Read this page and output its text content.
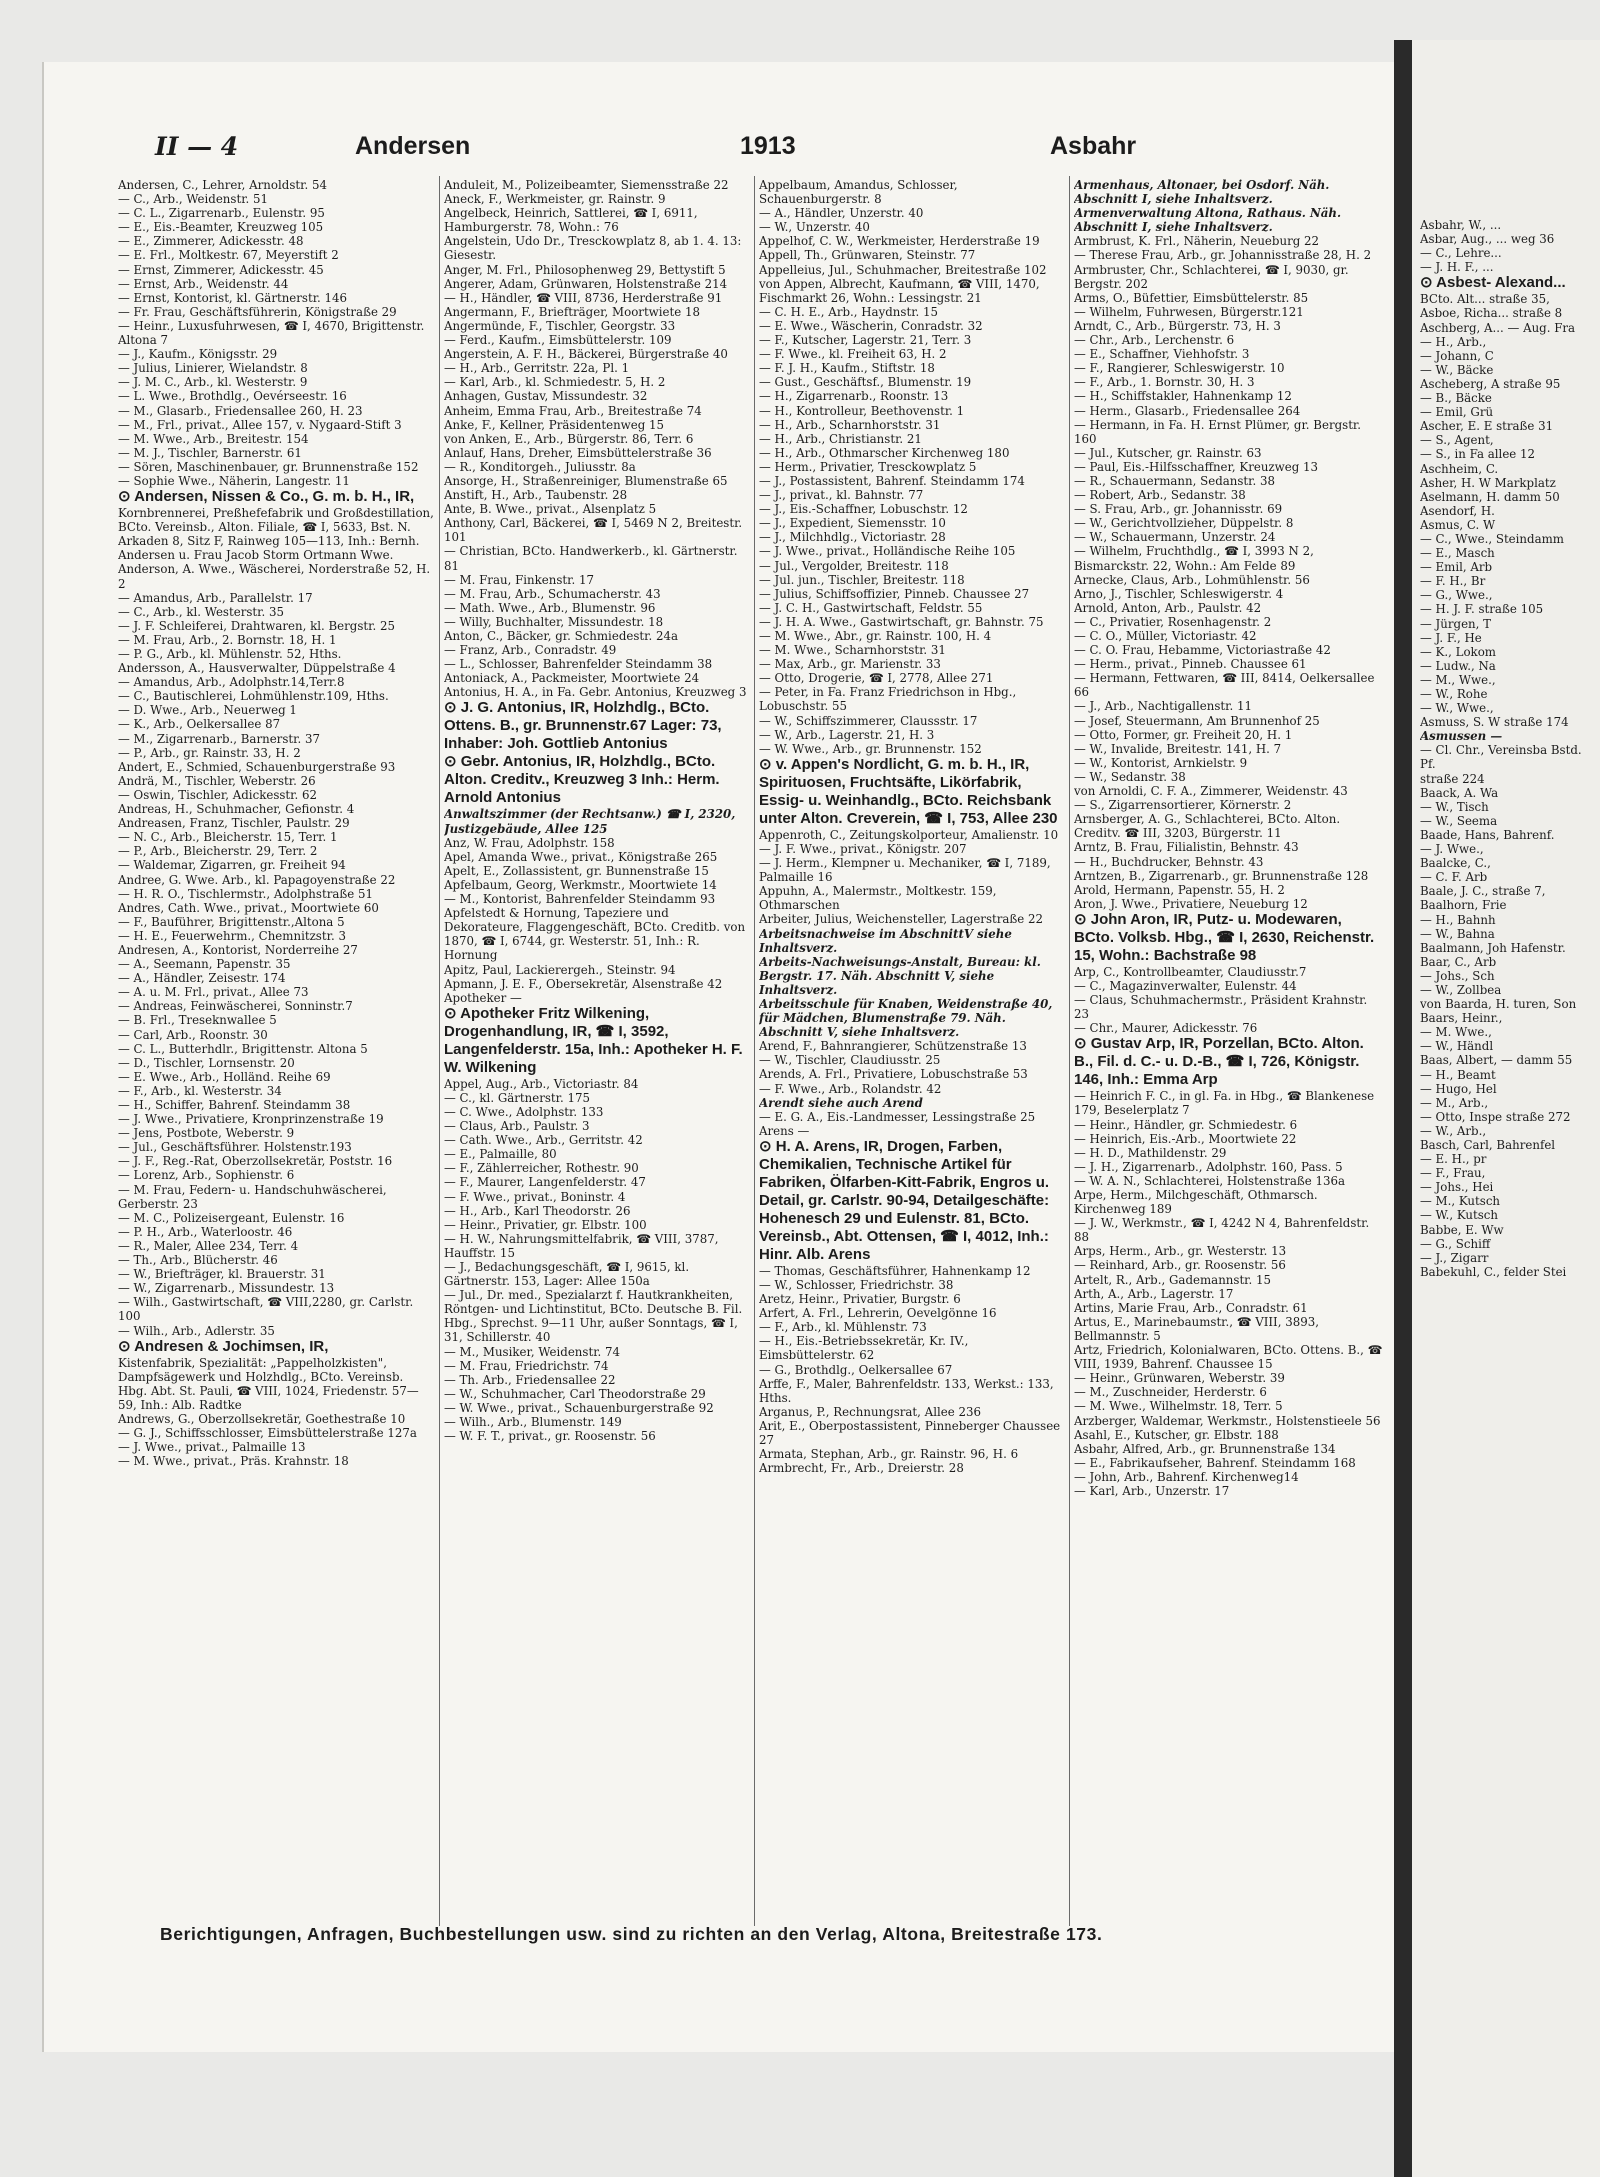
II — 4	Andersen	1913	Asbahr
Andersen, C., Lehrer, Arnoldstr. 54
— C., Arb., Weidenstr. 51
— C. L., Zigarrenarb., Eulenstr. 95
— E., Eis.-Beamter, Kreuzweg 105
— E., Zimmerer, Adickesstr. 48
— E. Frl., Moltkestr. 67, Meyerstift 2
— Ernst, Zimmerer, Adickesstr. 45
— Ernst, Arb., Weidenstr. 44
— Ernst, Kontorist, kl. Gärtnerstr. 146
— Fr. Frau, Geschäftsführerin, Königstraße 29
— Heinr., Luxusfuhrwesen, ☎ I, 4670, Brigittenstr. Altona 7
— J., Kaufm., Königsstr. 29
— Julius, Linierer, Wielandstr. 8
— J. M. C., Arb., kl. Westerstr. 9
— L. Wwe., Brothdlg., Oevérseestr. 16
— M., Glasarb., Friedensallee 260, H. 23
— M., Frl., privat., Allee 157, v. Nygaard-Stift 3
— M. Wwe., Arb., Breitestr. 154
— M. J., Tischler, Barnerstr. 61
— Sören, Maschinenbauer, gr. Brunnenstraße 152
— Sophie Wwe., Näherin, Langestr. 11
⊙ Andersen, Nissen & Co., G. m. b. H., IR,
Kornbrennerei, Preßhefefabrik und Großdestillation, BCto. Vereinsb., Alton. Filiale, ☎ I, 5633, Bst. N. Arkaden 8, Sitz F, Rainweg 105—113, Inh.: Bernh. Andersen u. Frau Jacob Storm Ortmann Wwe.
Anderson, A. Wwe., Wäscherei, Norderstraße 52, H. 2
— Amandus, Arb., Parallelstr. 17
— C., Arb., kl. Westerstr. 35
— J. F. Schleiferei, Drahtwaren, kl. Bergstr. 25
— M. Frau, Arb., 2. Bornstr. 18, H. 1
— P. G., Arb., kl. Mühlenstr. 52, Hths.
Andersson, A., Hausverwalter, Düppelstraße 4
— Amandus, Arb., Adolphstr.14,Terr.8
— C., Bautischlerei, Lohmühlenstr.109, Hths.
— D. Wwe., Arb., Neuerweg 1
— K., Arb., Oelkersallee 87
— M., Zigarrenarb., Barnerstr. 37
— P., Arb., gr. Rainstr. 33, H. 2
Andert, E., Schmied, Schauenburgerstraße 93
Andrä, M., Tischler, Weberstr. 26
— Oswin, Tischler, Adickesstr. 62
Andreas, H., Schuhmacher, Gefionstr. 4
Andreasen, Franz, Tischler, Paulstr. 29
— N. C., Arb., Bleicherstr. 15, Terr. 1
— P., Arb., Bleicherstr. 29, Terr. 2
— Waldemar, Zigarren, gr. Freiheit 94
Andree, G. Wwe. Arb., kl. Papagoyenstraße 22
— H. R. O., Tischlermstr., Adolphstraße 51
Andres, Cath. Wwe., privat., Moortwiete 60
— F., Bauführer, Brigittenstr.,Altona 5
— H. E., Feuerwehrm., Chemnitzstr. 3
Andresen, A., Kontorist, Norderreihe 27
— A., Seemann, Papenstr. 35
— A., Händler, Zeisestr. 174
— A. u. M. Frl., privat., Allee 73
— Andreas, Feinwäscherei, Sonninstr.7
— B. Frl., Treseknwallee 5
— Carl, Arb., Roonstr. 30
— C. L., Butterhdlr., Brigittenstr. Altona 5
— D., Tischler, Lornsenstr. 20
— E. Wwe., Arb., Holländ. Reihe 69
— F., Arb., kl. Westerstr. 34
— H., Schiffer, Bahrenf. Steindamm 38
— J. Wwe., Privatiere, Kronprinzenstraße 19
— Jens, Postbote, Weberstr. 9
— Jul., Geschäftsführer. Holstenstr.193
— J. F., Reg.-Rat, Oberzollsekretär, Poststr. 16
— Lorenz, Arb., Sophienstr. 6
— M. Frau, Federn- u. Handschuhwäscherei, Gerberstr. 23
— M. C., Polizeisergeant, Eulenstr. 16
— P. H., Arb., Waterloostr. 46
— R., Maler, Allee 234, Terr. 4
— Th., Arb., Blücherstr. 46
— W., Briefträger, kl. Brauerstr. 31
— W., Zigarrenarb., Missundestr. 13
— Wilh., Gastwirtschaft, ☎ VIII,2280, gr. Carlstr. 100
— Wilh., Arb., Adlerstr. 35
⊙ Andresen & Jochimsen, IR,
Kistenfabrik, Spezialität: „Pappelholzkisten", Dampfsägewerk und Holzhdlg., BCto. Vereinsb. Hbg. Abt. St. Pauli, ☎ VIII, 1024, Friedenstr. 57—59, Inh.: Alb. Radtke
Andrews, G., Oberzollsekretär, Goethestraße 10
— G. J., Schiffsschlosser, Eimsbüttelerstraße 127a
— J. Wwe., privat., Palmaille 13
— M. Wwe., privat., Präs. Krahnstr. 18
Anduleit, M., Polizeibeamter, Siemensstraße 22
Aneck, F., Werkmeister, gr. Rainstr. 9
Angelbeck, Heinrich, Sattlerei, ☎ I, 6911, Hamburgerstr. 78, Wohn.: 76
Angelstein, Udo Dr., Tresckowplatz 8, ab 1. 4. 13: Giesestr.
Anger, M. Frl., Philosophenweg 29, Bettystift 5
Angerer, Adam, Grünwaren, Holstenstraße 214
— H., Händler, ☎ VIII, 8736, Herderstraße 91
Angermann, F., Briefträger, Moortwiete 18
Angermünde, F., Tischler, Georgstr. 33
— Ferd., Kaufm., Eimsbüttelerstr. 109
Angerstein, A. F. H., Bäckerei, Bürgerstraße 40
— H., Arb., Gerritstr. 22a, Pl. 1
— Karl, Arb., kl. Schmiedestr. 5, H. 2
Anhagen, Gustav, Missundestr. 32
Anheim, Emma Frau, Arb., Breitestraße 74
Anke, F., Kellner, Präsidentenweg 15
von Anken, E., Arb., Bürgerstr. 86, Terr. 6
Anlauf, Hans, Dreher, Eimsbüttelerstraße 36
— R., Konditorgeh., Juliusstr. 8a
Ansorge, H., Straßenreiniger, Blumenstraße 65
Anstift, H., Arb., Taubenstr. 28
Ante, B. Wwe., privat., Alsenplatz 5
Anthony, Carl, Bäckerei, ☎ I, 5469 N 2, Breitestr. 101
— Christian, BCto. Handwerkerb., kl. Gärtnerstr. 81
— M. Frau, Finkenstr. 17
— M. Frau, Arb., Schumacherstr. 43
— Math. Wwe., Arb., Blumenstr. 96
— Willy, Buchhalter, Missundestr. 18
Anton, C., Bäcker, gr. Schmiedestr. 24a
— Franz, Arb., Conradstr. 49
— L., Schlosser, Bahrenfelder Steindamm 38
Antoniack, A., Packmeister, Moortwiete 24
Antonius, H. A., in Fa. Gebr. Antonius, Kreuzweg 3
⊙ J. G. Antonius, IR, Holzhdlg., BCto. Ottens. B., gr. Brunnenstr.67 Lager: 73, Inhaber: Joh. Gottlieb Antonius
⊙ Gebr. Antonius, IR, Holzhdlg., BCto. Alton. Creditv., Kreuzweg 3 Inh.: Herm. Arnold Antonius
Anwaltszimmer (der Rechtsanw.) ☎ I, 2320, Justizgebäude, Allee 125
Anz, W. Frau, Adolphstr. 158
Apel, Amanda Wwe., privat., Königstraße 265
Apelt, E., Zollassistent, gr. Bunnenstraße 15
Apfelbaum, Georg, Werkmstr., Moortwiete 14
— M., Kontorist, Bahrenfelder Steindamm 93
Apfelstedt & Hornung, Tapeziere und Dekorateure, Flaggengeschäft, BCto. Creditb. von 1870, ☎ I, 6744, gr. Westerstr. 51, Inh.: R. Hornung
Apitz, Paul, Lackierergeh., Steinstr. 94
Apmann, J. E. F., Obersekretär, Alsenstraße 42
Apotheker —
⊙ Apotheker Fritz Wilkening, Drogenhandlung, IR, ☎ I, 3592, Langenfelderstr. 15a, Inh.: Apotheker H. F. W. Wilkening
Appel, Aug., Arb., Victoriastr. 84
— C., kl. Gärtnerstr. 175
— C. Wwe., Adolphstr. 133
— Claus, Arb., Paulstr. 3
— Cath. Wwe., Arb., Gerritstr. 42
— E., Palmaille, 80
— F., Zählerreicher, Rothestr. 90
— F., Maurer, Langenfelderstr. 47
— F. Wwe., privat., Boninstr. 4
— H., Arb., Karl Theodorstr. 26
— Heinr., Privatier, gr. Elbstr. 100
— H. W., Nahrungsmittelfabrik, ☎ VIII, 3787, Hauffstr. 15
— J., Bedachungsgeschäft, ☎ I, 9615, kl. Gärtnerstr. 153, Lager: Allee 150a
— Jul., Dr. med., Spezialarzt f. Hautkrankheiten, Röntgen- und Lichtinstitut, BCto. Deutsche B. Fil. Hbg., Sprechst. 9—11 Uhr, außer Sonntags, ☎ I, 31, Schillerstr. 40
— M., Musiker, Weidenstr. 74
— M. Frau, Friedrichstr. 74
— Th. Arb., Friedensallee 22
— W., Schuhmacher, Carl Theodorstraße 29
— W. Wwe., privat., Schauenburgerstraße 92
— Wilh., Arb., Blumenstr. 149
— W. F. T., privat., gr. Roosenstr. 56
Appelbaum, Amandus, Schlosser, Schauenburgerstr. 8
— A., Händler, Unzerstr. 40
— W., Unzerstr. 40
Appelhof, C. W., Werkmeister, Herderstraße 19
Appell, Th., Grünwaren, Steinstr. 77
Appelleius, Jul., Schuhmacher, Breitestraße 102
von Appen, Albrecht, Kaufmann, ☎ VIII, 1470, Fischmarkt 26, Wohn.: Lessingstr. 21
— C. H. E., Arb., Haydnstr. 15
— E. Wwe., Wäscherin, Conradstr. 32
— F., Kutscher, Lagerstr. 21, Terr. 3
— F. Wwe., kl. Freiheit 63, H. 2
— F. J. H., Kaufm., Stiftstr. 18
— Gust., Geschäftsf., Blumenstr. 19
— H., Zigarrenarb., Roonstr. 13
— H., Kontrolleur, Beethovenstr. 1
— H., Arb., Scharnhorststr. 31
— H., Arb., Christianstr. 21
— H., Arb., Othmarscher Kirchenweg 180
— Herm., Privatier, Tresckowplatz 5
— J., Postassistent, Bahrenf. Steindamm 174
— J., privat., kl. Bahnstr. 77
— J., Eis.-Schaffner, Lobuschstr. 12
— J., Expedient, Siemensstr. 10
— J., Milchhdlg., Victoriastr. 28
— J. Wwe., privat., Holländische Reihe 105
— Jul., Vergolder, Breitestr. 118
— Jul. jun., Tischler, Breitestr. 118
— Julius, Schiffsoffizier, Pinneb. Chaussee 27
— J. C. H., Gastwirtschaft, Feldstr. 55
— J. H. A. Wwe., Gastwirtschaft, gr. Bahnstr. 75
— M. Wwe., Abr., gr. Rainstr. 100, H. 4
— M. Wwe., Scharnhorststr. 31
— Max, Arb., gr. Marienstr. 33
— Otto, Drogerie, ☎ I, 2778, Allee 271
— Peter, in Fa. Franz Friedrichson in Hbg., Lobuschstr. 55
— W., Schiffszimmerer, Claussstr. 17
— W., Arb., Lagerstr. 21, H. 3
— W. Wwe., Arb., gr. Brunnenstr. 152
⊙ v. Appen's Nordlicht, G. m. b. H., IR, Spirituosen, Fruchtsäfte, Likörfabrik, Essig- u. Weinhandlg., BCto. Reichsbank unter Alton. Creverein, ☎ I, 753, Allee 230
Appenroth, C., Zeitungskolporteur, Amalienstr. 10
— J. F. Wwe., privat., Königstr. 207
— J. Herm., Klempner u. Mechaniker, ☎ I, 7189, Palmaille 16
Appuhn, A., Malermstr., Moltkestr. 159, Othmarschen
Arbeiter, Julius, Weichensteller, Lagerstraße 22
Arbeitsnachweise im AbschnittV siehe Inhaltsverz.
Arbeits-Nachweisungs-Anstalt, Bureau: kl. Bergstr. 17. Näh. Abschnitt V, siehe Inhaltsverz.
Arbeitsschule für Knaben, Weidenstraße 40, für Mädchen, Blumenstraße 79. Näh. Abschnitt V, siehe Inhaltsverz.
Arend, F., Bahnrangierer, Schützenstraße 13
— W., Tischler, Claudiusstr. 25
Arends, A. Frl., Privatiere, Lobuschstraße 53
— F. Wwe., Arb., Rolandstr. 42
Arendt siehe auch Arend
— E. G. A., Eis.-Landmesser, Lessingstraße 25
Arens —
⊙ H. A. Arens, IR, Drogen, Farben, Chemikalien, Technische Artikel für Fabriken, Ölfarben-Kitt-Fabrik, Engros u. Detail, gr. Carlstr. 90-94, Detailgeschäfte: Hohenesch 29 und Eulenstr. 81, BCto. Vereinsb., Abt. Ottensen, ☎ I, 4012, Inh.: Hinr. Alb. Arens
— Thomas, Geschäftsführer, Hahnenkamp 12
— W., Schlosser, Friedrichstr. 38
Aretz, Heinr., Privatier, Burgstr. 6
Arfert, A. Frl., Lehrerin, Oevelgönne 16
— F., Arb., kl. Mühlenstr. 73
— H., Eis.-Betriebssekretär, Kr. IV., Eimsbüttelerstr. 62
— G., Brothdlg., Oelkersallee 67
Arffe, F., Maler, Bahrenfeldstr. 133, Werkst.: 133, Hths.
Arganus, P., Rechnungsrat, Allee 236
Arit, E., Oberpostassistent, Pinneberger Chaussee 27
Armata, Stephan, Arb., gr. Rainstr. 96, H. 6
Armbrecht, Fr., Arb., Dreierstr. 28
Armenhaus, Altonaer, bei Osdorf. Näh. Abschnitt I, siehe Inhaltsverz.
Armenverwaltung Altona, Rathaus. Näh. Abschnitt I, siehe Inhaltsverz.
Armbrust, K. Frl., Näherin, Neueburg 22
— Therese Frau, Arb., gr. Johannisstraße 28, H. 2
Armbruster, Chr., Schlachterei, ☎ I, 9030, gr. Bergstr. 202
Arms, O., Büfettier, Eimsbüttelerstr. 85
— Wilhelm, Fuhrwesen, Bürgerstr.121
Arndt, C., Arb., Bürgerstr. 73, H. 3
— Chr., Arb., Lerchenstr. 6
— E., Schaffner, Viehhofstr. 3
— F., Rangierer, Schleswigerstr. 10
— F., Arb., 1. Bornstr. 30, H. 3
— H., Schiffstakler, Hahnenkamp 12
— Herm., Glasarb., Friedensallee 264
— Hermann, in Fa. H. Ernst Plümer, gr. Bergstr. 160
— Jul., Kutscher, gr. Rainstr. 63
— Paul, Eis.-Hilfsschaffner, Kreuzweg 13
— R., Schauermann, Sedanstr. 38
— Robert, Arb., Sedanstr. 38
— S. Frau, Arb., gr. Johannisstr. 69
— W., Gerichtvollzieher, Düppelstr. 8
— W., Schauermann, Unzerstr. 24
— Wilhelm, Fruchthdlg., ☎ I, 3993 N 2, Bismarckstr. 22, Wohn.: Am Felde 89
Arnecke, Claus, Arb., Lohmühlenstr. 56
Arno, J., Tischler, Schleswigerstr. 4
Arnold, Anton, Arb., Paulstr. 42
— C., Privatier, Rosenhagenstr. 2
— C. O., Müller, Victoriastr. 42
— C. O. Frau, Hebamme, Victoriastraße 42
— Herm., privat., Pinneb. Chaussee 61
— Hermann, Fettwaren, ☎ III, 8414, Oelkersallee 66
— J., Arb., Nachtigallenstr. 11
— Josef, Steuermann, Am Brunnenhof 25
— Otto, Former, gr. Freiheit 20, H. 1
— W., Invalide, Breitestr. 141, H. 7
— W., Kontorist, Arnkielstr. 9
— W., Sedanstr. 38
von Arnoldi, C. F. A., Zimmerer, Weidenstr. 43
— S., Zigarrensortierer, Körnerstr. 2
Arnsberger, A. G., Schlachterei, BCto. Alton. Creditv. ☎ III, 3203, Bürgerstr. 11
Arntz, B. Frau, Filialistin, Behnstr. 43
— H., Buchdrucker, Behnstr. 43
Arntzen, B., Zigarrenarb., gr. Brunnenstraße 128
Arold, Hermann, Papenstr. 55, H. 2
Aron, J. Wwe., Privatiere, Neueburg 12
⊙ John Aron, IR, Putz- u. Modewaren, BCto. Volksb. Hbg., ☎ I, 2630, Reichenstr. 15, Wohn.: Bachstraße 98
Arp, C., Kontrollbeamter, Claudiusstr.7
— C., Magazinverwalter, Eulenstr. 44
— Claus, Schuhmachermstr., Präsident Krahnstr. 23
— Chr., Maurer, Adickesstr. 76
⊙ Gustav Arp, IR, Porzellan, BCto. Alton. B., Fil. d. C.- u. D.-B., ☎ I, 726, Königstr. 146, Inh.: Emma Arp
— Heinrich F. C., in gl. Fa. in Hbg., ☎ Blankenese 179, Beselerplatz 7
— Heinr., Händler, gr. Schmiedestr. 6
— Heinrich, Eis.-Arb., Moortwiete 22
— H. D., Mathildenstr. 29
— J. H., Zigarrenarb., Adolphstr. 160, Pass. 5
— W. A. N., Schlachterei, Holstenstraße 136a
Arpe, Herm., Milchgeschäft, Othmarsch. Kirchenweg 189
— J. W., Werkmstr., ☎ I, 4242 N 4, Bahrenfeldstr. 88
Arps, Herm., Arb., gr. Westerstr. 13
— Reinhard, Arb., gr. Roosenstr. 56
Artelt, R., Arb., Gademannstr. 15
Arth, A., Arb., Lagerstr. 17
Artins, Marie Frau, Arb., Conradstr. 61
Artus, E., Marinebaumstr., ☎ VIII, 3893, Bellmannstr. 5
Artz, Friedrich, Kolonialwaren, BCto. Ottens. B., ☎ VIII, 1939, Bahrenf. Chaussee 15
— Heinr., Grünwaren, Weberstr. 39
— M., Zuschneider, Herderstr. 6
— M. Wwe., Wilhelmstr. 18, Terr. 5
Arzberger, Waldemar, Werkmstr., Holstenstieele 56
Asahl, E., Kutscher, gr. Elbstr. 188
Asbahr, Alfred, Arb., gr. Brunnenstraße 134
— E., Fabrikaufseher, Bahrenf. Steindamm 168
— John, Arb., Bahrenf. Kirchenweg14
— Karl, Arb., Unzerstr. 17
Asbahr, W., ...
Asbar, Aug., ... weg 36
— C., Lehre...
— J. H. F., ...
⊙ Asbest- Alexand...
BCto. Alt... straße 35,
Asboe, Richa... straße 8
Aschberg, A... — Aug. Fra
— H., Arb.,
— Johann, C
— W., Bäcke
Ascheberg, A straße 95
— B., Bäcke
— Emil, Grü
Ascher, E. E straße 31
— S., Agent,
— S., in Fa allee 12
Aschheim, C.
Asher, H. W Markplatz
Aselmann, H. damm 50
Asendorf, H.
Asmus, C. W
— C., Wwe., Steindamm
— E., Masch
— Emil, Arb
— F. H., Br
— G., Wwe.,
— H. J. F. straße 105
— Jürgen, T
— J. F., He
— K., Lokom
— Ludw., Na
— M., Wwe.,
— W., Rohe
— W., Wwe.,
Asmuss, S. W straße 174
Asmussen —
— Cl. Chr., Vereinsba Bstd. Pf.
straße 224
Baack, A. Wa
— W., Tisch
— W., Seema
Baade, Hans, Bahrenf.
— J. Wwe.,
Baalcke, C.,
— C. F. Arb
Baale, J. C., straße 7,
Baalhorn, Frie
— H., Bahnh
— W., Bahna
Baalmann, Joh Hafenstr.
Baar, C., Arb
— Johs., Sch
— W., Zollbea
von Baarda, H. turen, Son
Baars, Heinr.,
— M. Wwe.,
— W., Händl
Baas, Albert, — damm 55
— H., Beamt
— Hugo, Hel
— M., Arb.,
— Otto, Inspe straße 272
— W., Arb.,
Basch, Carl, Bahrenfel
— E. H., pr
— F., Frau,
— Johs., Hei
— M., Kutsch
— W., Kutsch
Babbe, E. Ww
— G., Schiff
— J., Zigarr
Babekuhl, C., felder Stei
Berichtigungen, Anfragen, Buchbestellungen usw. sind zu richten an den Verlag, Altona, Breitestraße 173.
